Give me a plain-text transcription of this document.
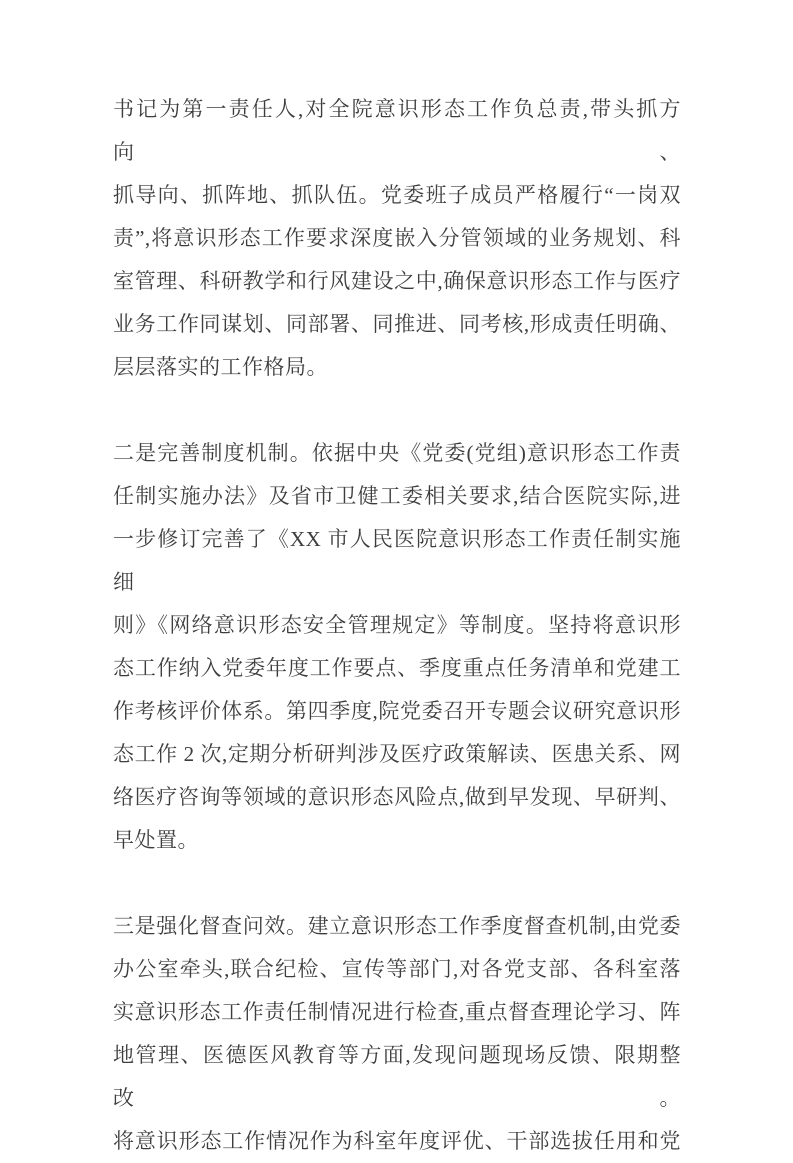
书记为第一责任人,对全院意识形态工作负总责,带头抓方向、
抓导向、抓阵地、抓队伍。党委班子成员严格履行“一岗双
责”,将意识形态工作要求深度嵌入分管领域的业务规划、科
室管理、科研教学和行风建设之中,确保意识形态工作与医疗
业务工作同谋划、同部署、同推进、同考核,形成责任明确、
层层落实的工作格局。
二是完善制度机制。依据中央《党委(党组)意识形态工作责
任制实施办法》及省市卫健工委相关要求,结合医院实际,进
一步修订完善了《XX 市人民医院意识形态工作责任制实施细
则》《网络意识形态安全管理规定》等制度。坚持将意识形
态工作纳入党委年度工作要点、季度重点任务清单和党建工
作考核评价体系。第四季度,院党委召开专题会议研究意识形
态工作 2 次,定期分析研判涉及医疗政策解读、医患关系、网
络医疗咨询等领域的意识形态风险点,做到早发现、早研判、
早处置。
三是强化督查问效。建立意识形态工作季度督查机制,由党委
办公室牵头,联合纪检、宣传等部门,对各党支部、各科室落
实意识形态工作责任制情况进行检查,重点督查理论学习、阵
地管理、医德医风教育等方面,发现问题现场反馈、限期整改。
将意识形态工作情况作为科室年度评优、干部选拔任用和党
